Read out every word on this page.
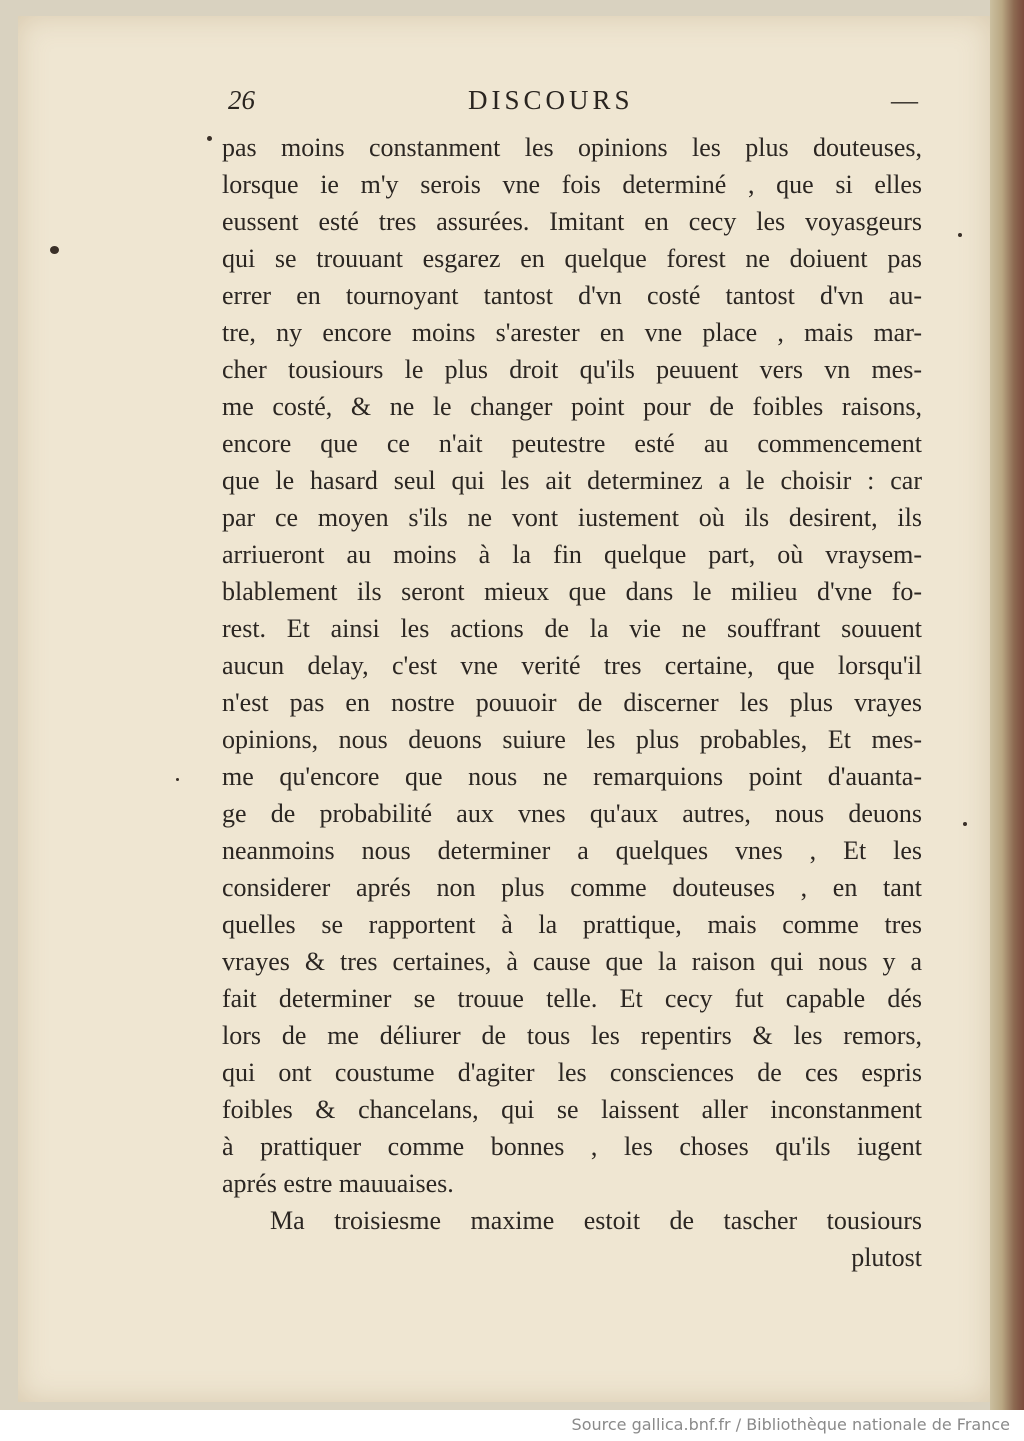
26	DISCOURS	—
pas moins constanment les opinions les plus douteuses,
lorsque ie m'y serois vne fois determiné , que si elles
eussent esté tres assurées. Imitant en cecy les voyasgeurs
qui se trouuant esgarez en quelque forest ne doiuent pas
errer en tournoyant tantost d'vn costé tantost d'vn au-
tre, ny encore moins s'arester en vne place , mais mar-
cher tousiours le plus droit qu'ils peuuent vers vn mes-
me costé, & ne le changer point pour de foibles raisons,
encore que ce n'ait peutestre esté au commencement
que le hasard seul qui les ait determinez a le choisir : car
par ce moyen s'ils ne vont iustement où ils desirent, ils
arriueront au moins à la fin quelque part, où vraysem-
blablement ils seront mieux que dans le milieu d'vne fo-
rest. Et ainsi les actions de la vie ne souffrant souuent
aucun delay, c'est vne verité tres certaine, que lorsqu'il
n'est pas en nostre pouuoir de discerner les plus vrayes
opinions, nous deuons suiure les plus probables, Et mes-
me qu'encore que nous ne remarquions point d'auanta-
ge de probabilité aux vnes qu'aux autres, nous deuons
neanmoins nous determiner a quelques vnes , Et les
considerer aprés non plus comme douteuses , en tant
quelles se rapportent à la prattique, mais comme tres
vrayes & tres certaines, à cause que la raison qui nous y a
fait determiner se trouue telle. Et cecy fut capable dés
lors de me déliurer de tous les repentirs & les remors,
qui ont coustume d'agiter les consciences de ces espris
foibles & chancelans, qui se laissent aller inconstanment
à prattiquer comme bonnes , les choses qu'ils iugent
aprés estre mauuaises.
Ma troisiesme maxime estoit de tascher tousiours
plutost
Source gallica.bnf.fr / Bibliothèque nationale de France
